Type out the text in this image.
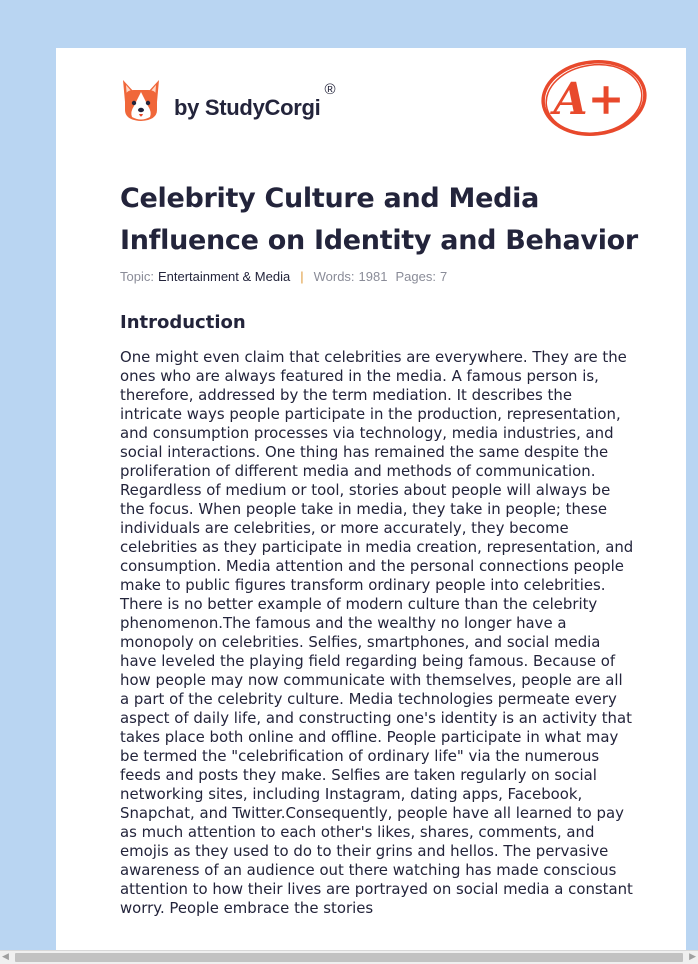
by StudyCorgi
®	A+
Celebrity Culture and Media Influence on Identity and Behavior
Topic: Entertainment & Media | Words: 1981 Pages: 7
Introduction

One might even claim that celebrities are everywhere. They are the ones who are always featured in the media. A famous person is, therefore, addressed by the term mediation. It describes the intricate ways people participate in the production, representation, and consumption processes via technology, media industries, and social interactions. One thing has remained the same despite the proliferation of different media and methods of communication. Regardless of medium or tool, stories about people will always be the focus. When people take in media, they take in people; these individuals are celebrities, or more accurately, they become celebrities as they participate in media creation, representation, and consumption. Media attention and the personal connections people make to public figures transform ordinary people into celebrities. There is no better example of modern culture than the celebrity phenomenon.The famous and the wealthy no longer have a monopoly on celebrities. Selfies, smartphones, and social media have leveled the playing field regarding being famous. Because of how people may now communicate with themselves, people are all a part of the celebrity culture. Media technologies permeate every aspect of daily life, and constructing one's identity is an activity that takes place both online and offline. People participate in what may be termed the "celebrification of ordinary life" via the numerous feeds and posts they make. Selfies are taken regularly on social networking sites, including Instagram, dating apps, Facebook, Snapchat, and Twitter.Consequently, people have all learned to pay as much attention to each other's likes, shares, comments, and emojis as they used to do to their grins and hellos. The pervasive awareness of an audience out there watching has made conscious attention to how their lives are portrayed on social media a constant worry. People embrace the stories

◀	▶
